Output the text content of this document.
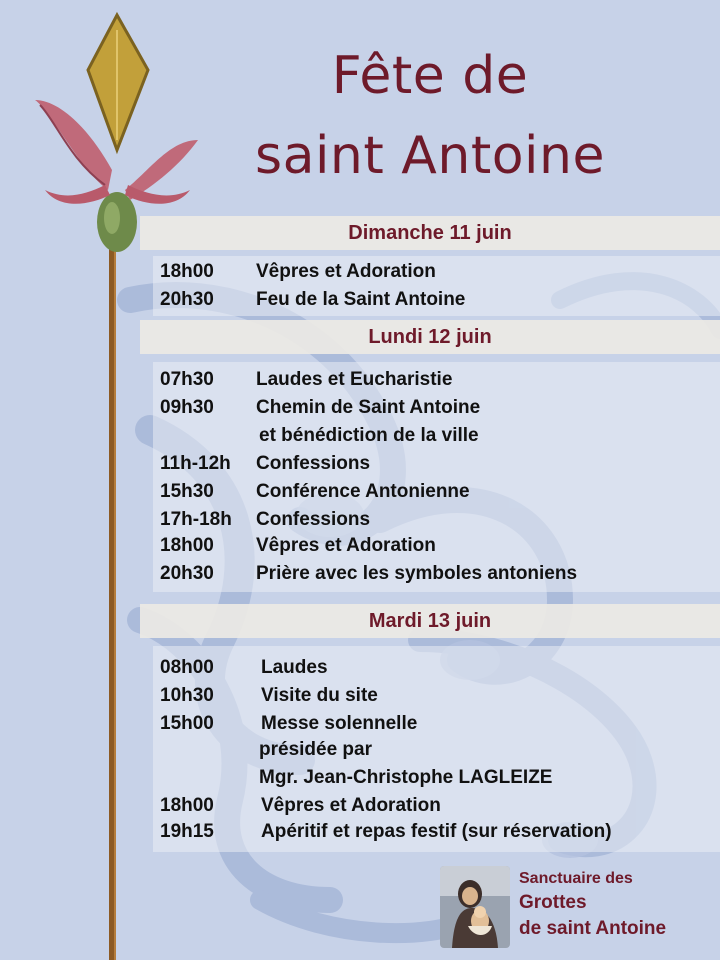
Fête de
saint Antoine
Dimanche 11 juin
18h00 Vêpres et Adoration
20h30 Feu de la Saint Antoine
Lundi 12 juin
07h30 Laudes et Eucharistie
09h30 Chemin de Saint Antoine
et bénédiction de la ville
11h-12h Confessions
15h30 Conférence Antonienne
17h-18h Confessions
18h00 Vêpres et Adoration
20h30 Prière avec les symboles antoniens
Mardi 13 juin
08h00 Laudes
10h30 Visite du site
15h00 Messe solennelle
présidée par
Mgr. Jean-Christophe LAGLEIZE
18h00 Vêpres et Adoration
19h15 Apéritif et repas festif (sur réservation)
Sanctuaire des
Grottes
de saint Antoine
